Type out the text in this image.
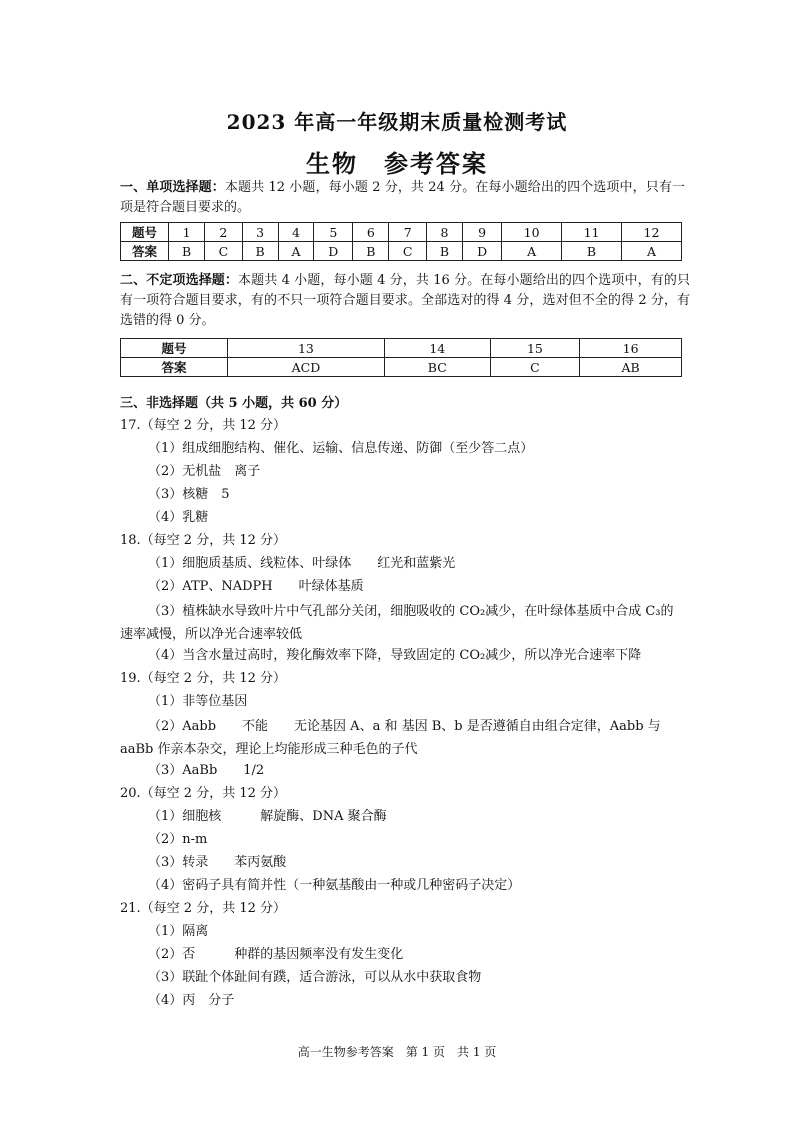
2023 年高一年级期末质量检测考试
生物　参考答案
一、单项选择题：本题共 12 小题，每小题 2 分，共 24 分。在每小题给出的四个选项中，只有一项是符合题目要求的。
题号	1	2	3	4	5	6	7	8	9	10	11	12
答案	B	C	B	A	D	B	C	B	D	A	B	A
二、不定项选择题：本题共 4 小题，每小题 4 分，共 16 分。在每小题给出的四个选项中，有的只有一项符合题目要求，有的不只一项符合题目要求。全部选对的得 4 分，选对但不全的得 2 分，有选错的得 0 分。
题号	13	14	15	16
答案	ACD	BC	C	AB
三、非选择题（共 5 小题，共 60 分）
17.（每空 2 分，共 12 分）
（1）组成细胞结构、催化、运输、信息传递、防御（至少答二点）
（2）无机盐　离子
（3）核糖　5
（4）乳糖
18.（每空 2 分，共 12 分）
（1）细胞质基质、线粒体、叶绿体　　红光和蓝紫光
（2）ATP、NADPH　　叶绿体基质
（3）植株缺水导致叶片中气孔部分关闭，细胞吸收的 CO₂减少，在叶绿体基质中合成 C₃的速率减慢，所以净光合速率较低
（4）当含水量过高时，羧化酶效率下降，导致固定的 CO₂减少，所以净光合速率下降
19.（每空 2 分，共 12 分）
（1）非等位基因
（2）Aabb　　不能　　无论基因 A、a 和 基因 B、b 是否遵循自由组合定律，Aabb 与 aaBb 作亲本杂交，理论上均能形成三种毛色的子代
（3）AaBb　　1/2
20.（每空 2 分，共 12 分）
（1）细胞核　　　解旋酶、DNA 聚合酶
（2）n-m
（3）转录　　苯丙氨酸
（4）密码子具有简并性（一种氨基酸由一种或几种密码子决定）
21.（每空 2 分，共 12 分）
（1）隔离
（2）否　　　种群的基因频率没有发生变化
（3）联趾个体趾间有蹼，适合游泳，可以从水中获取食物
（4）丙　分子
高一生物参考答案　第 1 页　共 1 页
